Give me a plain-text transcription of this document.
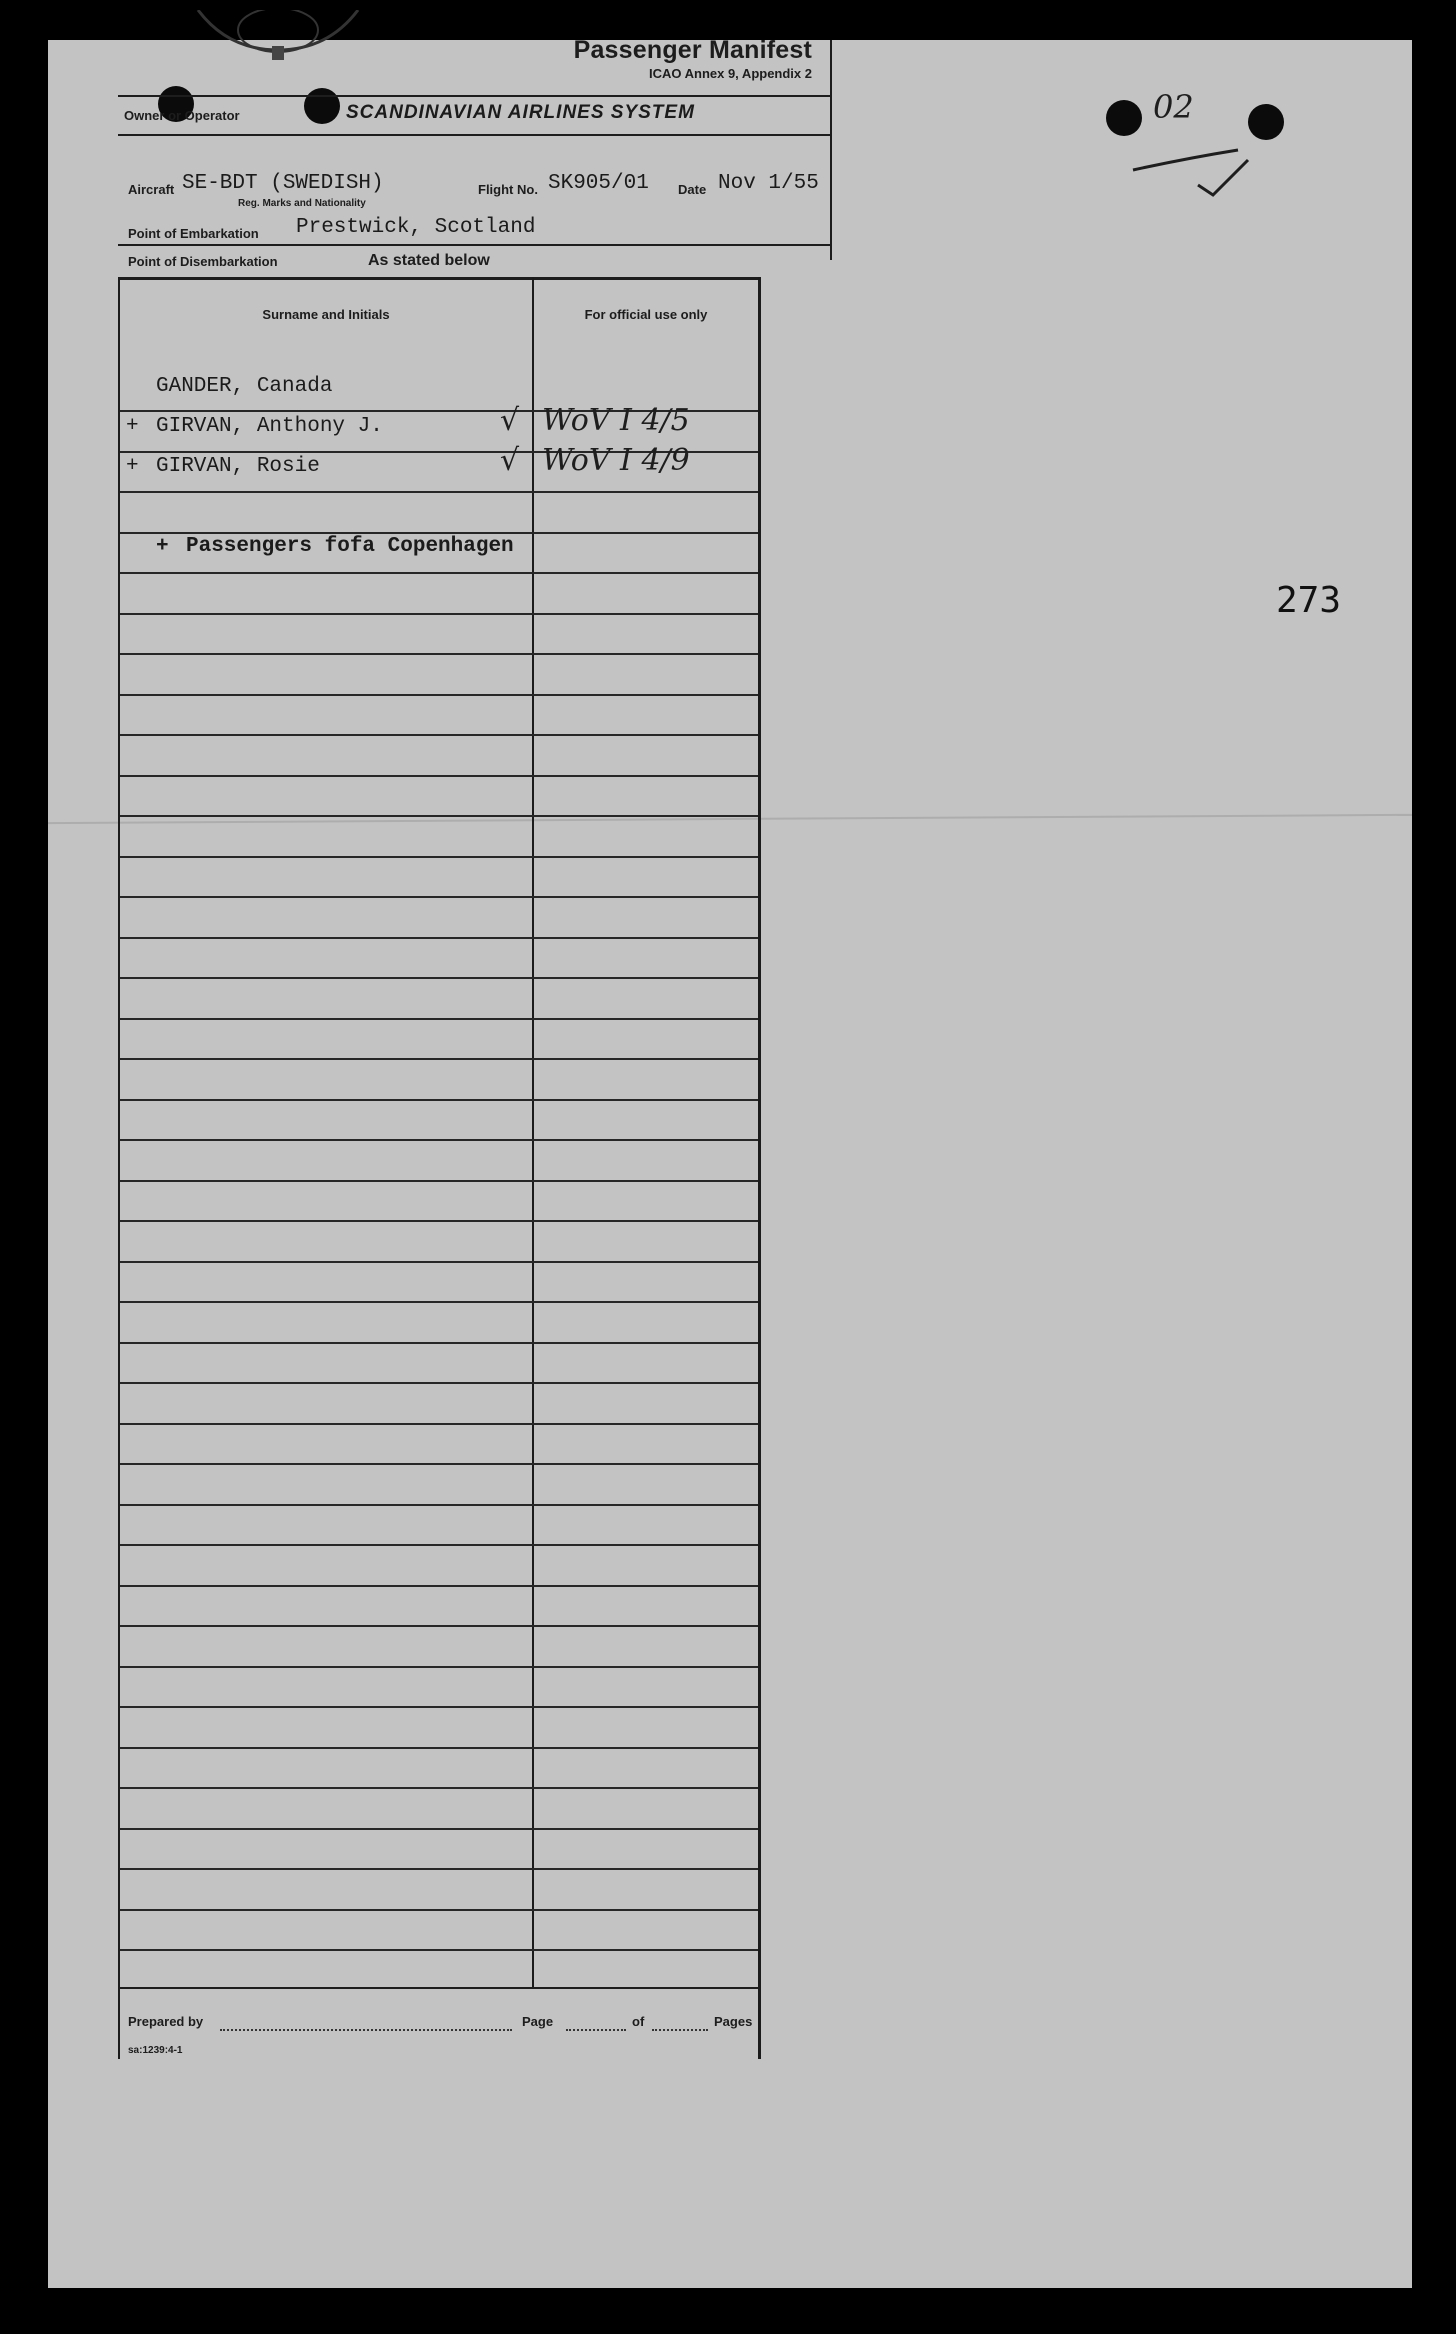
02
273
Passenger Manifest
ICAO Annex 9, Appendix 2
Owner or Operator	SCANDINAVIAN AIRLINES SYSTEM
Aircraft SE-BDT (SWEDISH)
Reg. Marks and Nationality
Flight No. SK905/01 Date Nov 1/55
Point of Embarkation Prestwick, Scotland
Point of Disembarkation	As stated below
Surname and Initials	For official use only
GANDER, Canada
+ GIRVAN, Anthony J.	√ WoV I 4/5
+ GIRVAN, Rosie	√ WoV I 4/9
+ Passengers fofa Copenhagen
Prepared by	Page	of	Pages
sa:1239:4-1
